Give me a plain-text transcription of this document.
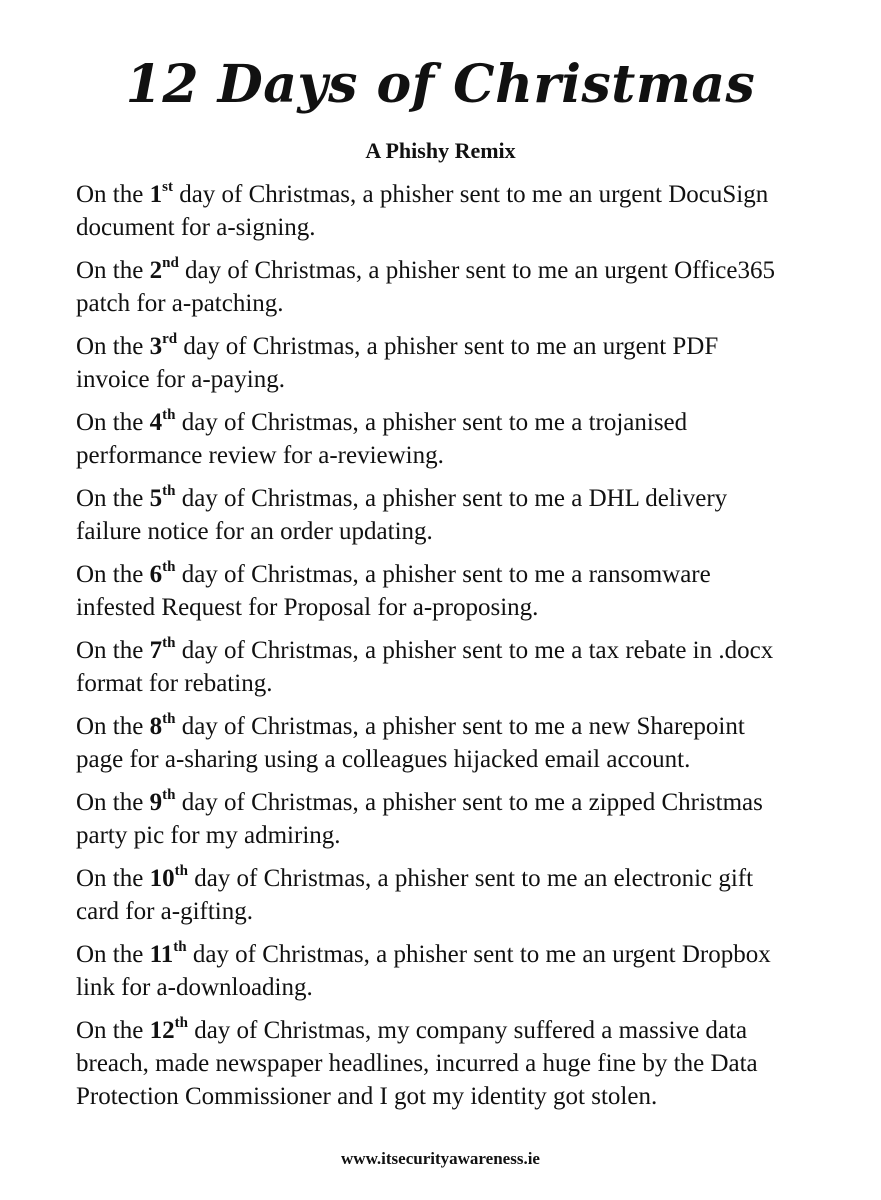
12 Days of Christmas
A Phishy Remix

On the 1st day of Christmas, a phisher sent to me an urgent DocuSign
document for a-signing.

On the 2nd day of Christmas, a phisher sent to me an urgent Office365
patch for a-patching.

On the 3rd day of Christmas, a phisher sent to me an urgent PDF
invoice for a-paying.

On the 4th day of Christmas, a phisher sent to me a trojanised
performance review for a-reviewing.

On the 5th day of Christmas, a phisher sent to me a DHL delivery
failure notice for an order updating.

On the 6th day of Christmas, a phisher sent to me a ransomware
infested Request for Proposal for a-proposing.

On the 7th day of Christmas, a phisher sent to me a tax rebate in .docx
format for rebating.

On the 8th day of Christmas, a phisher sent to me a new Sharepoint
page for a-sharing using a colleagues hijacked email account.

On the 9th day of Christmas, a phisher sent to me a zipped Christmas
party pic for my admiring.

On the 10th day of Christmas, a phisher sent to me an electronic gift
card for a-gifting.

On the 11th day of Christmas, a phisher sent to me an urgent Dropbox
link for a-downloading.

On the 12th day of Christmas, my company suffered a massive data
breach, made newspaper headlines, incurred a huge fine by the Data
Protection Commissioner and I got my identity got stolen.

www.itsecurityawareness.ie
